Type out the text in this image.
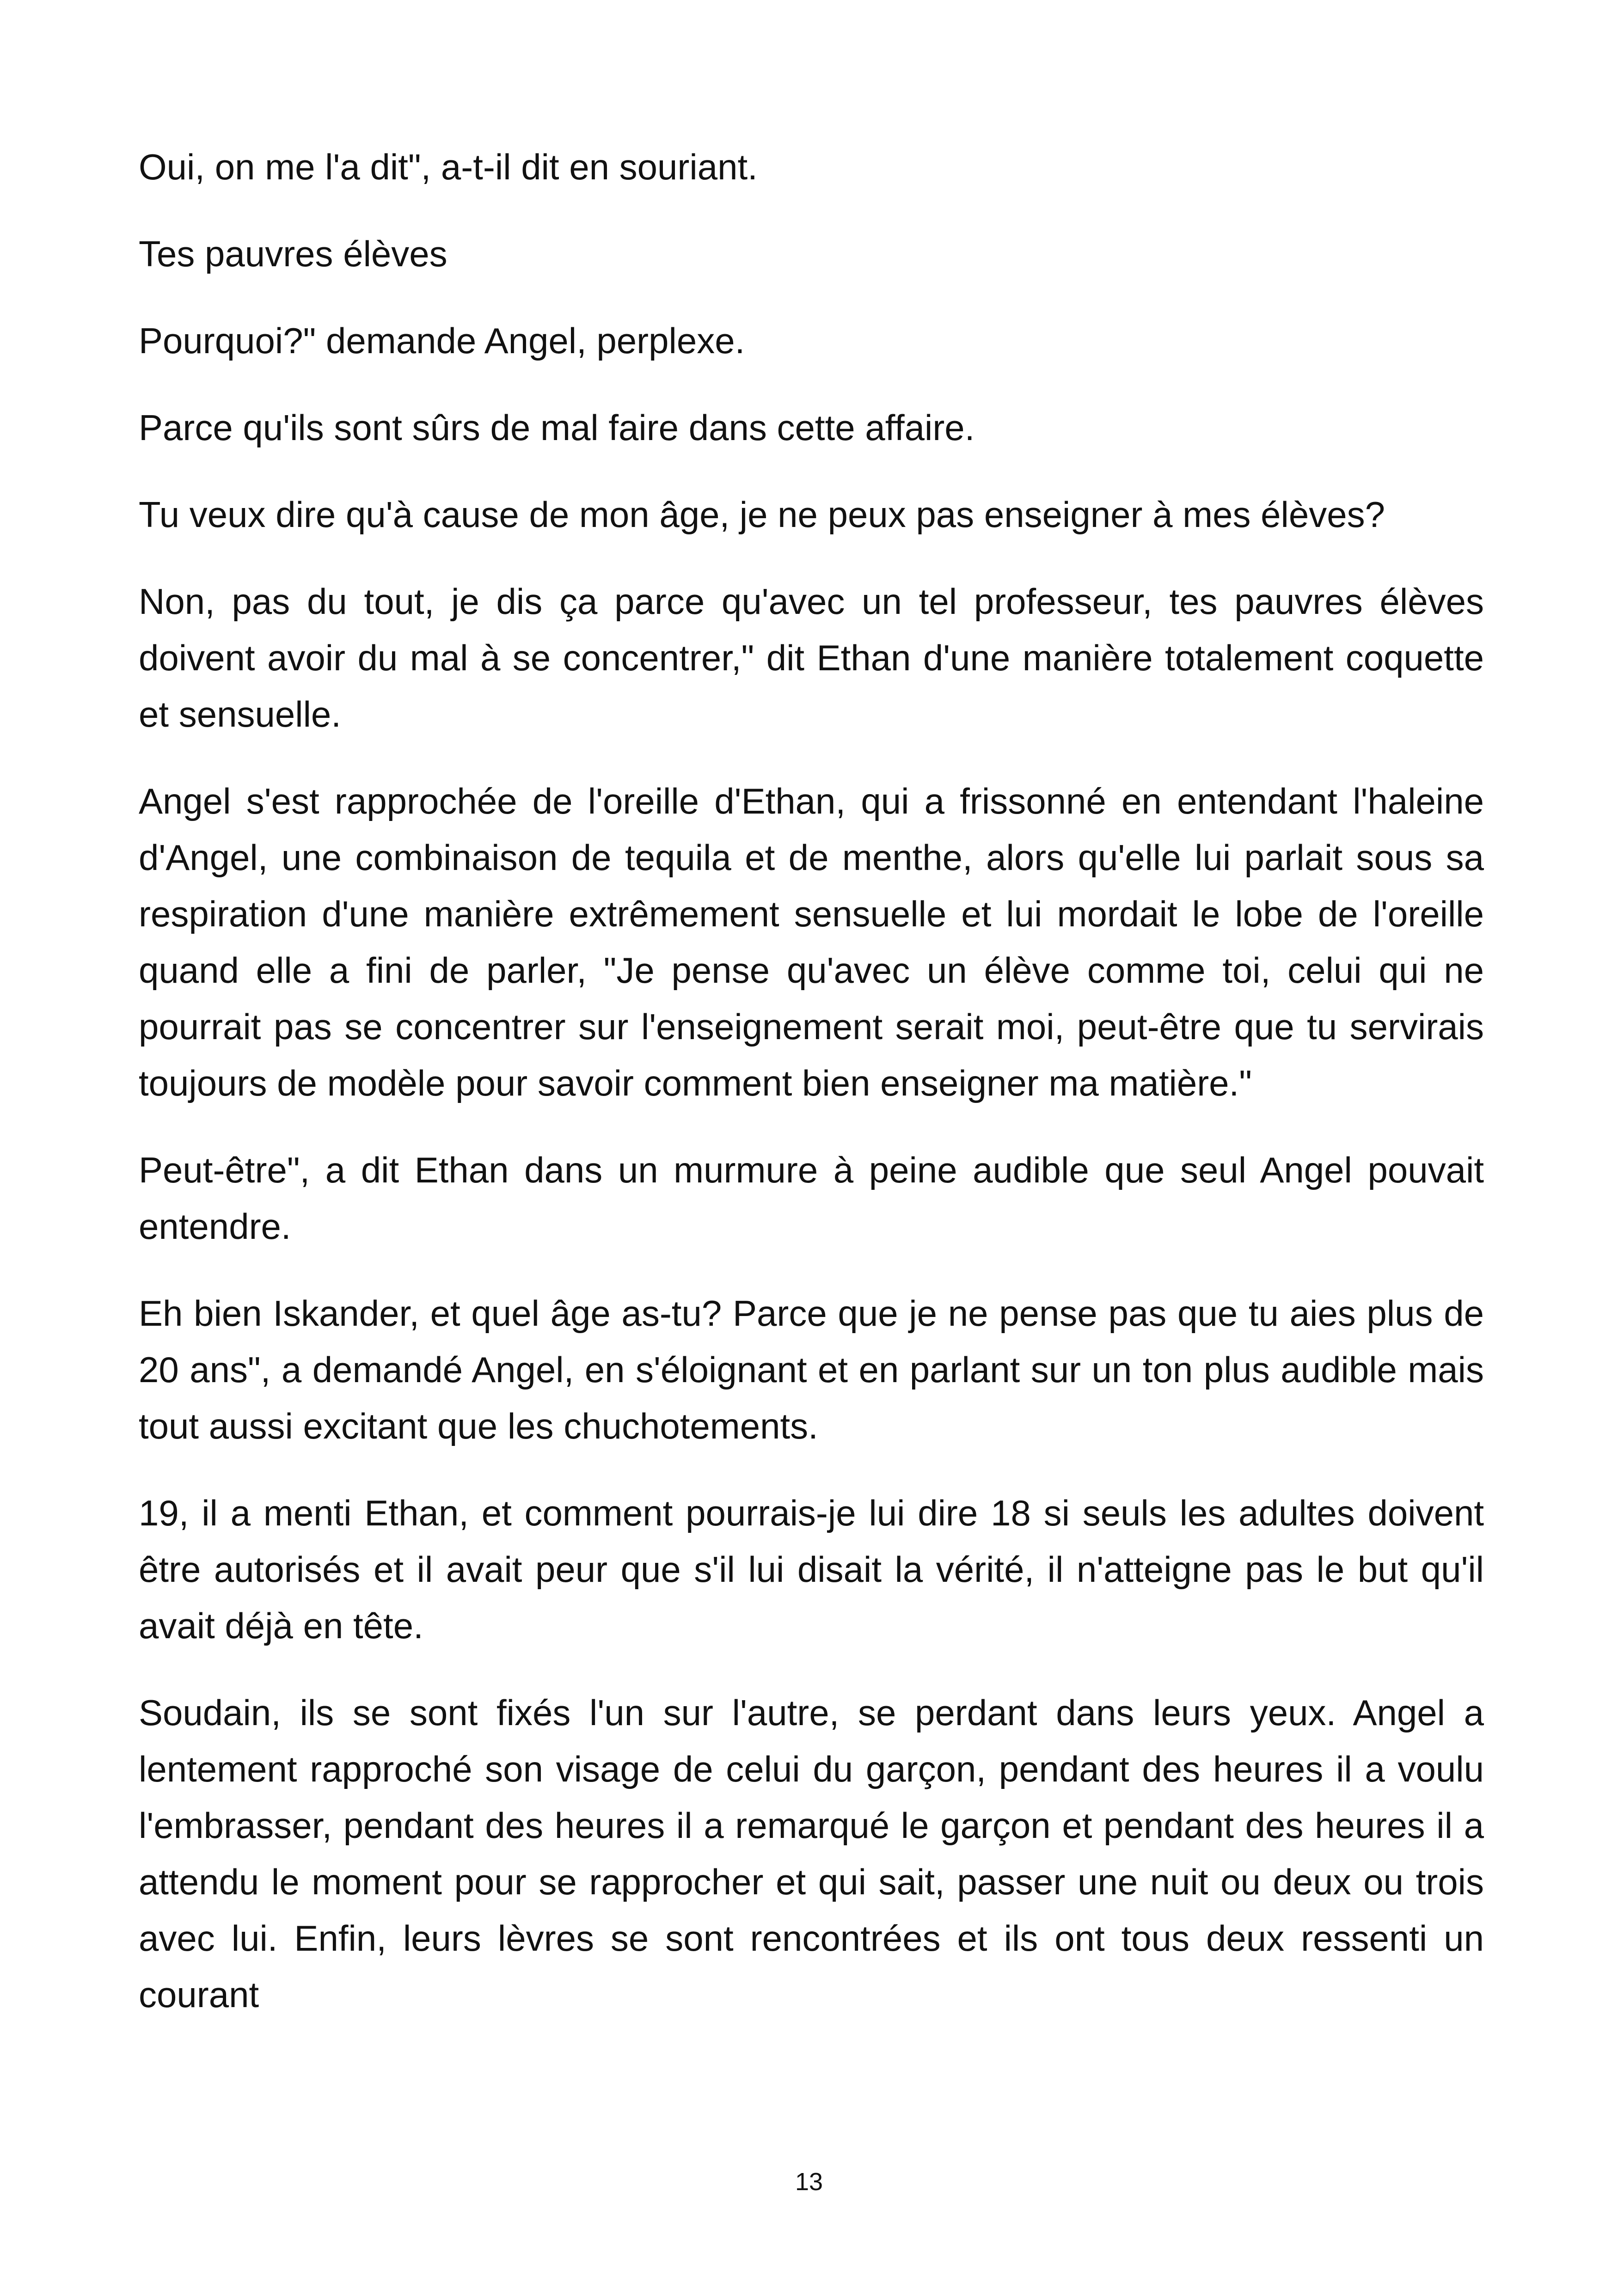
Oui, on me l'a dit", a-t-il dit en souriant.

Tes pauvres élèves

Pourquoi?" demande Angel, perplexe.

Parce qu'ils sont sûrs de mal faire dans cette affaire.

Tu veux dire qu'à cause de mon âge, je ne peux pas enseigner à mes élèves?

Non, pas du tout, je dis ça parce qu'avec un tel professeur, tes pauvres élèves doivent avoir du mal à se concentrer," dit Ethan d'une manière totalement coquette et sensuelle.

Angel s'est rapprochée de l'oreille d'Ethan, qui a frissonné en entendant l'haleine d'Angel, une combinaison de tequila et de menthe, alors qu'elle lui parlait sous sa respiration d'une manière extrêmement sensuelle et lui mordait le lobe de l'oreille quand elle a fini de parler, "Je pense qu'avec un élève comme toi, celui qui ne pourrait pas se concentrer sur l'enseignement serait moi, peut-être que tu servirais toujours de modèle pour savoir comment bien enseigner ma matière."

Peut-être", a dit Ethan dans un murmure à peine audible que seul Angel pouvait entendre.

Eh bien Iskander, et quel âge as-tu? Parce que je ne pense pas que tu aies plus de 20 ans", a demandé Angel, en s'éloignant et en parlant sur un ton plus audible mais tout aussi excitant que les chuchotements.

19, il a menti Ethan, et comment pourrais-je lui dire 18 si seuls les adultes doivent être autorisés et il avait peur que s'il lui disait la vérité, il n'atteigne pas le but qu'il avait déjà en tête.

Soudain, ils se sont fixés l'un sur l'autre, se perdant dans leurs yeux. Angel a lentement rapproché son visage de celui du garçon, pendant des heures il a voulu l'embrasser, pendant des heures il a remarqué le garçon et pendant des heures il a attendu le moment pour se rapprocher et qui sait, passer une nuit ou deux ou trois avec lui. Enfin, leurs lèvres se sont rencontrées et ils ont tous deux ressenti un courant

13
